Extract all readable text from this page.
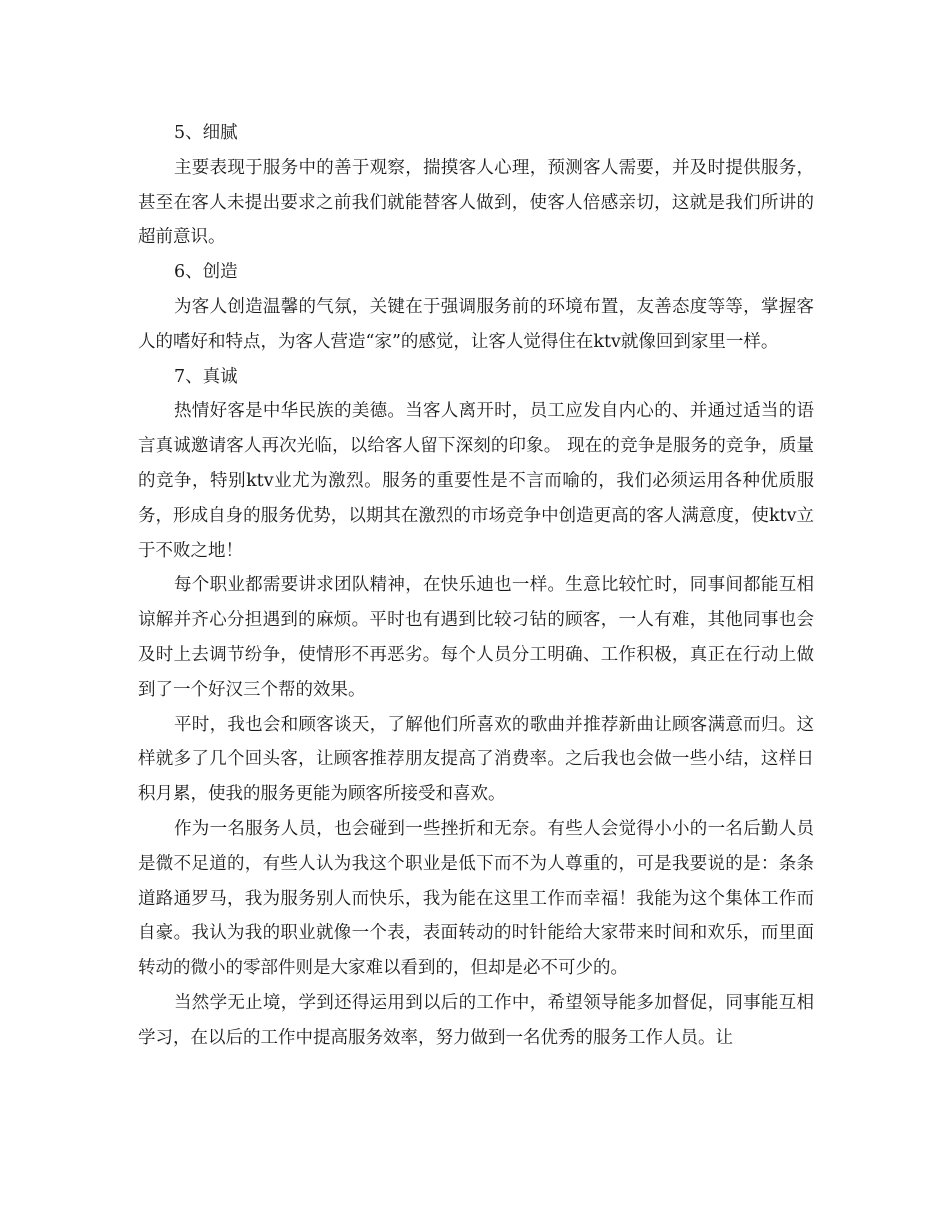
5、细腻

主要表现于服务中的善于观察，揣摸客人心理，预测客人需要，并及时提供服务，甚至在客人未提出要求之前我们就能替客人做到，使客人倍感亲切，这就是我们所讲的超前意识。

6、创造

为客人创造温馨的气氛，关键在于强调服务前的环境布置，友善态度等等，掌握客人的嗜好和特点，为客人营造“家”的感觉，让客人觉得住在ktv就像回到家里一样。

7、真诚

热情好客是中华民族的美德。当客人离开时，员工应发自内心的、并通过适当的语言真诚邀请客人再次光临，以给客人留下深刻的印象。 现在的竞争是服务的竞争，质量的竞争，特别ktv业尤为激烈。服务的重要性是不言而喻的，我们必须运用各种优质服务，形成自身的服务优势，以期其在激烈的市场竞争中创造更高的客人满意度，使ktv立于不败之地！

每个职业都需要讲求团队精神，在快乐迪也一样。生意比较忙时，同事间都能互相谅解并齐心分担遇到的麻烦。平时也有遇到比较刁钻的顾客，一人有难，其他同事也会及时上去调节纷争，使情形不再恶劣。每个人员分工明确、工作积极，真正在行动上做到了一个好汉三个帮的效果。

平时，我也会和顾客谈天，了解他们所喜欢的歌曲并推荐新曲让顾客满意而归。这样就多了几个回头客，让顾客推荐朋友提高了消费率。之后我也会做一些小结，这样日积月累，使我的服务更能为顾客所接受和喜欢。

作为一名服务人员，也会碰到一些挫折和无奈。有些人会觉得小小的一名后勤人员是微不足道的，有些人认为我这个职业是低下而不为人尊重的，可是我要说的是：条条道路通罗马，我为服务别人而快乐，我为能在这里工作而幸福！我能为这个集体工作而自豪。我认为我的职业就像一个表，表面转动的时针能给大家带来时间和欢乐，而里面转动的微小的零部件则是大家难以看到的，但却是必不可少的。

当然学无止境，学到还得运用到以后的工作中，希望领导能多加督促，同事能互相学习，在以后的工作中提高服务效率，努力做到一名优秀的服务工作人员。让
